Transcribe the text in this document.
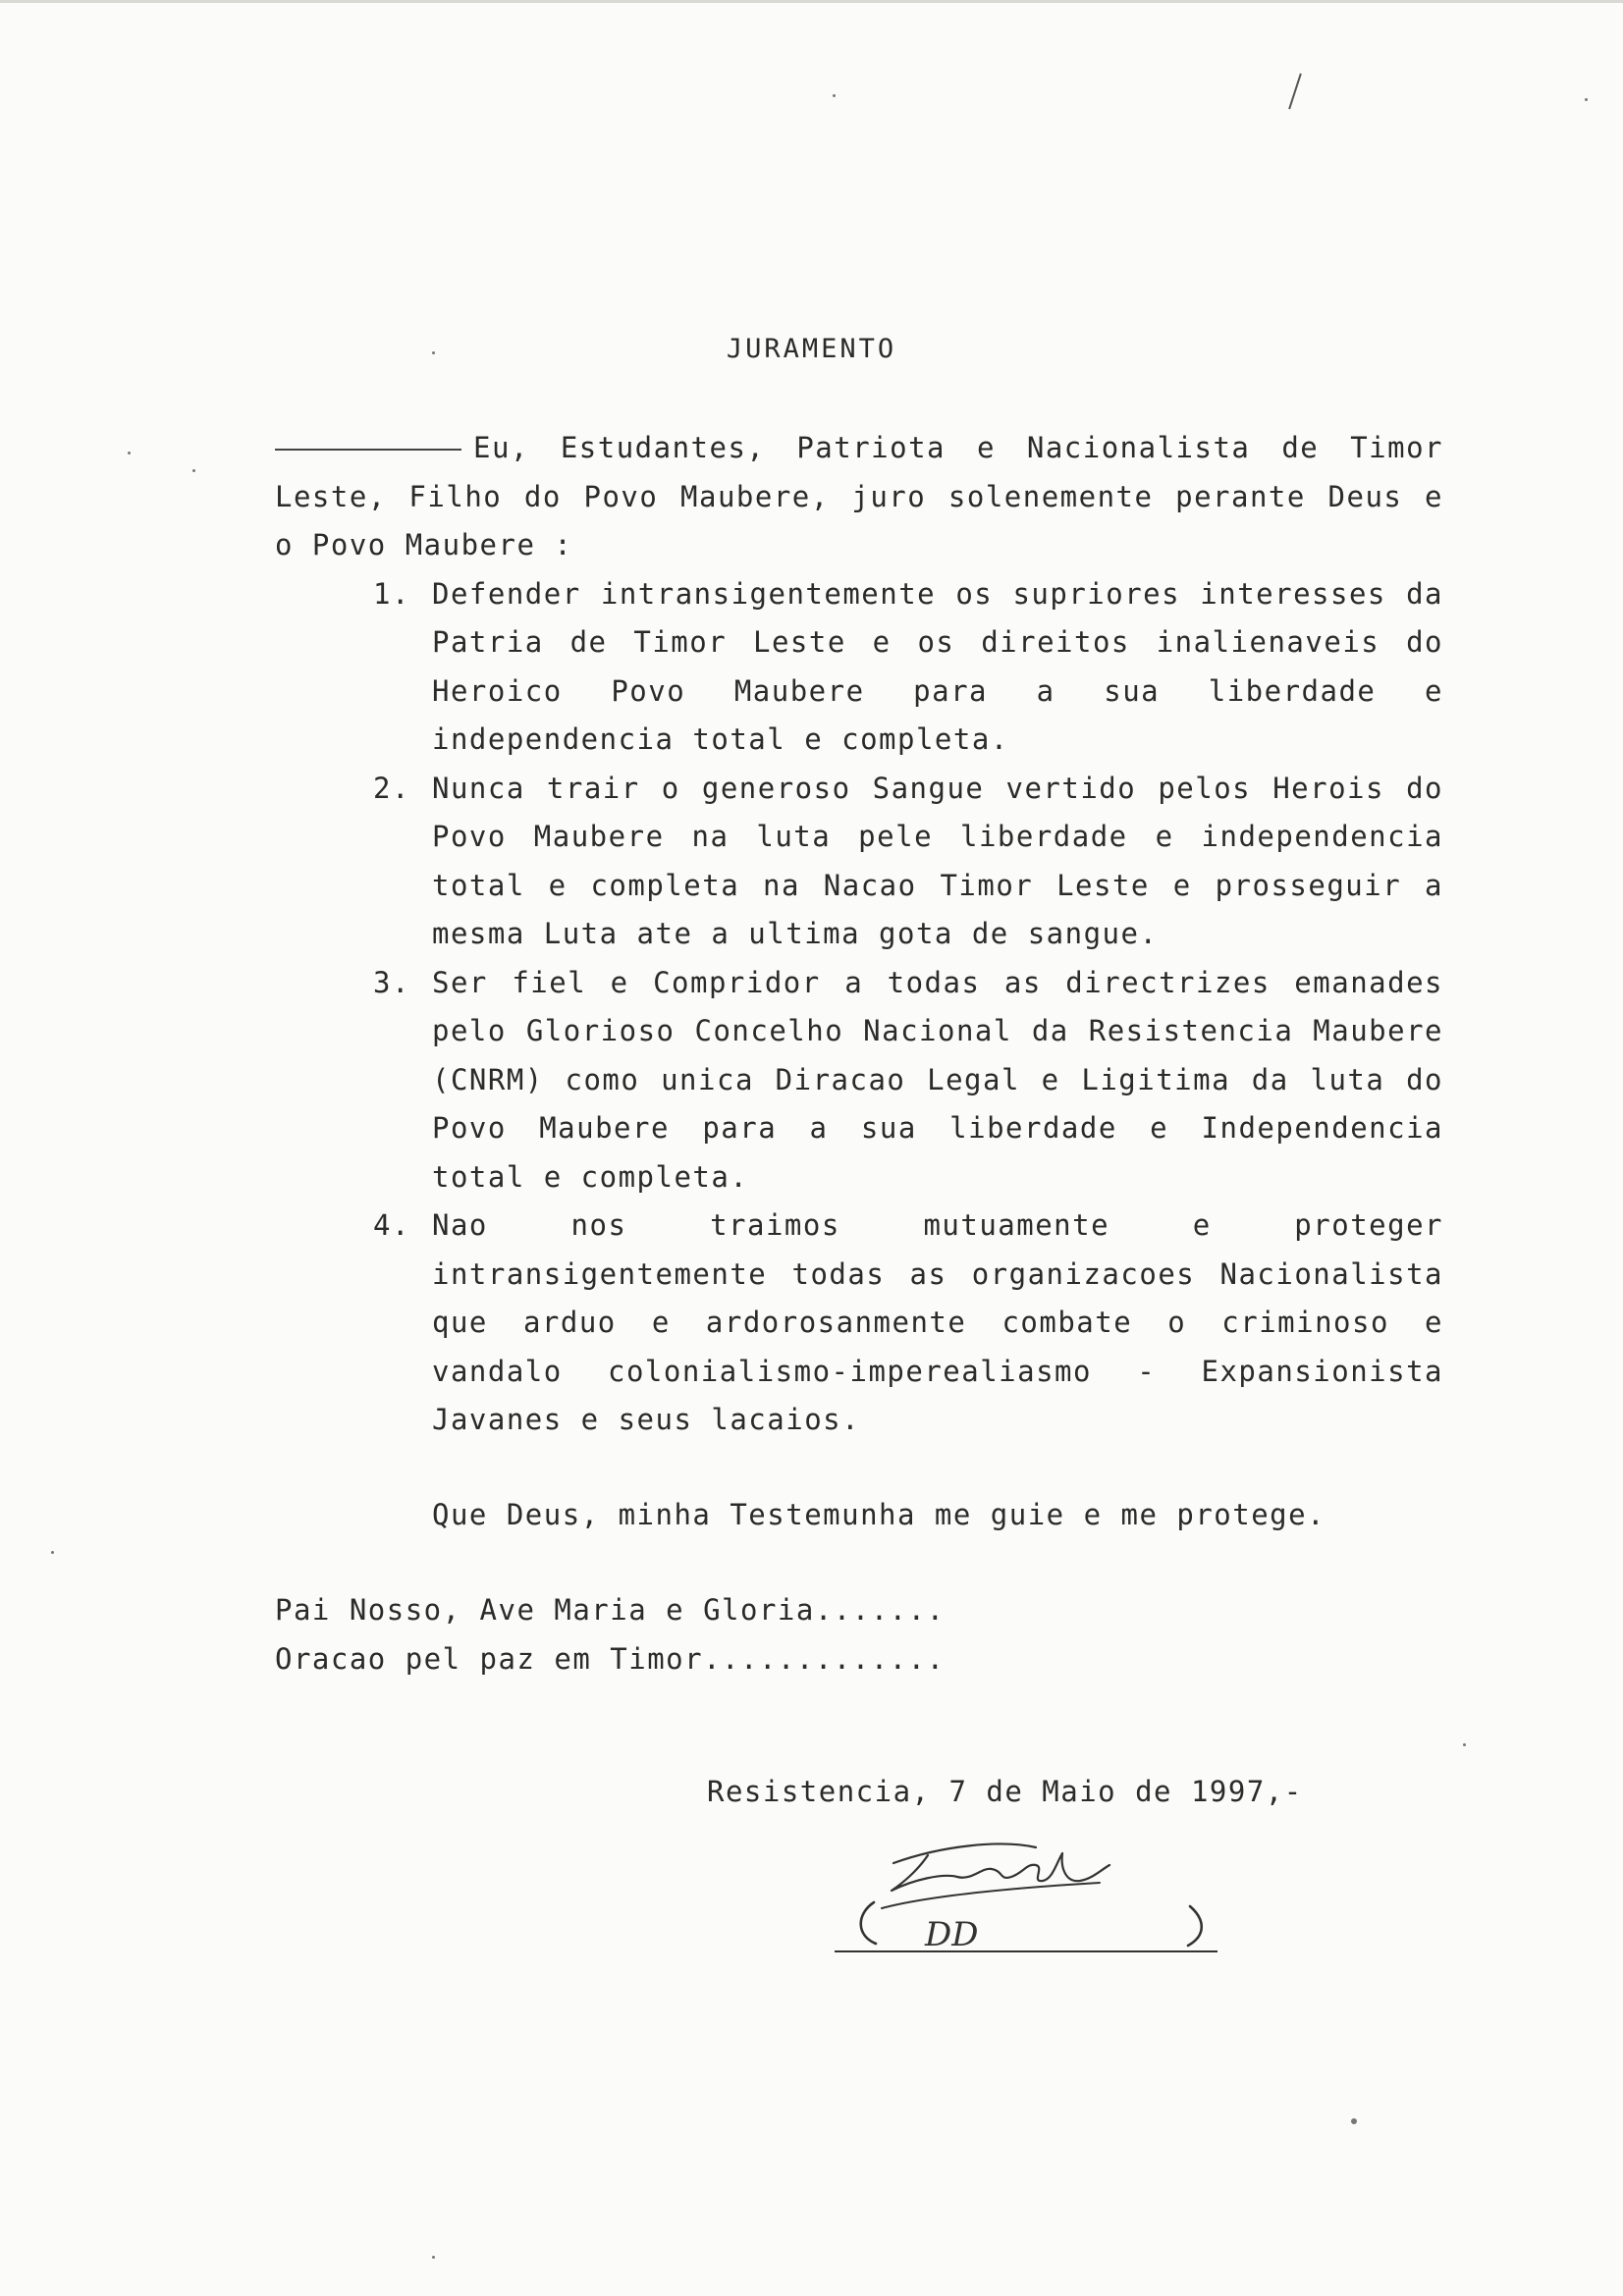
JURAMENTO

Eu, Estudantes, Patriota e Nacionalista de Timor Leste, Filho do Povo Maubere, juro solenemente perante Deus e o Povo Maubere :

1. Defender intransigentemente os supriores interesses da Patria de Timor Leste e os direitos inalienaveis do Heroico Povo Maubere para a sua liberdade e independencia total e completa.
2. Nunca trair o generoso Sangue vertido pelos Herois do Povo Maubere na luta pele liberdade e independencia total e completa na Nacao Timor Leste e prosseguir a mesma Luta ate a ultima gota de sangue.
3. Ser fiel e Compridor a todas as directrizes emanades pelo Glorioso Concelho Nacional da Resistencia Maubere (CNRM) como unica Diracao Legal e Ligitima da luta do Povo Maubere para a sua liberdade e Independencia total e completa.
4. Nao nos traimos mutuamente e proteger intransigentemente todas as organizacoes Nacionalista que arduo e ardorosanmente combate o criminoso e vandalo colonialismo-imperealiasmo - Expansionista Javanes e seus lacaios.
Que Deus, minha Testemunha me guie e me protege.
Pai Nosso, Ave Maria e Gloria.......
Oracao pel paz em Timor.............
Resistencia, 7 de Maio de 1997,-
DD
